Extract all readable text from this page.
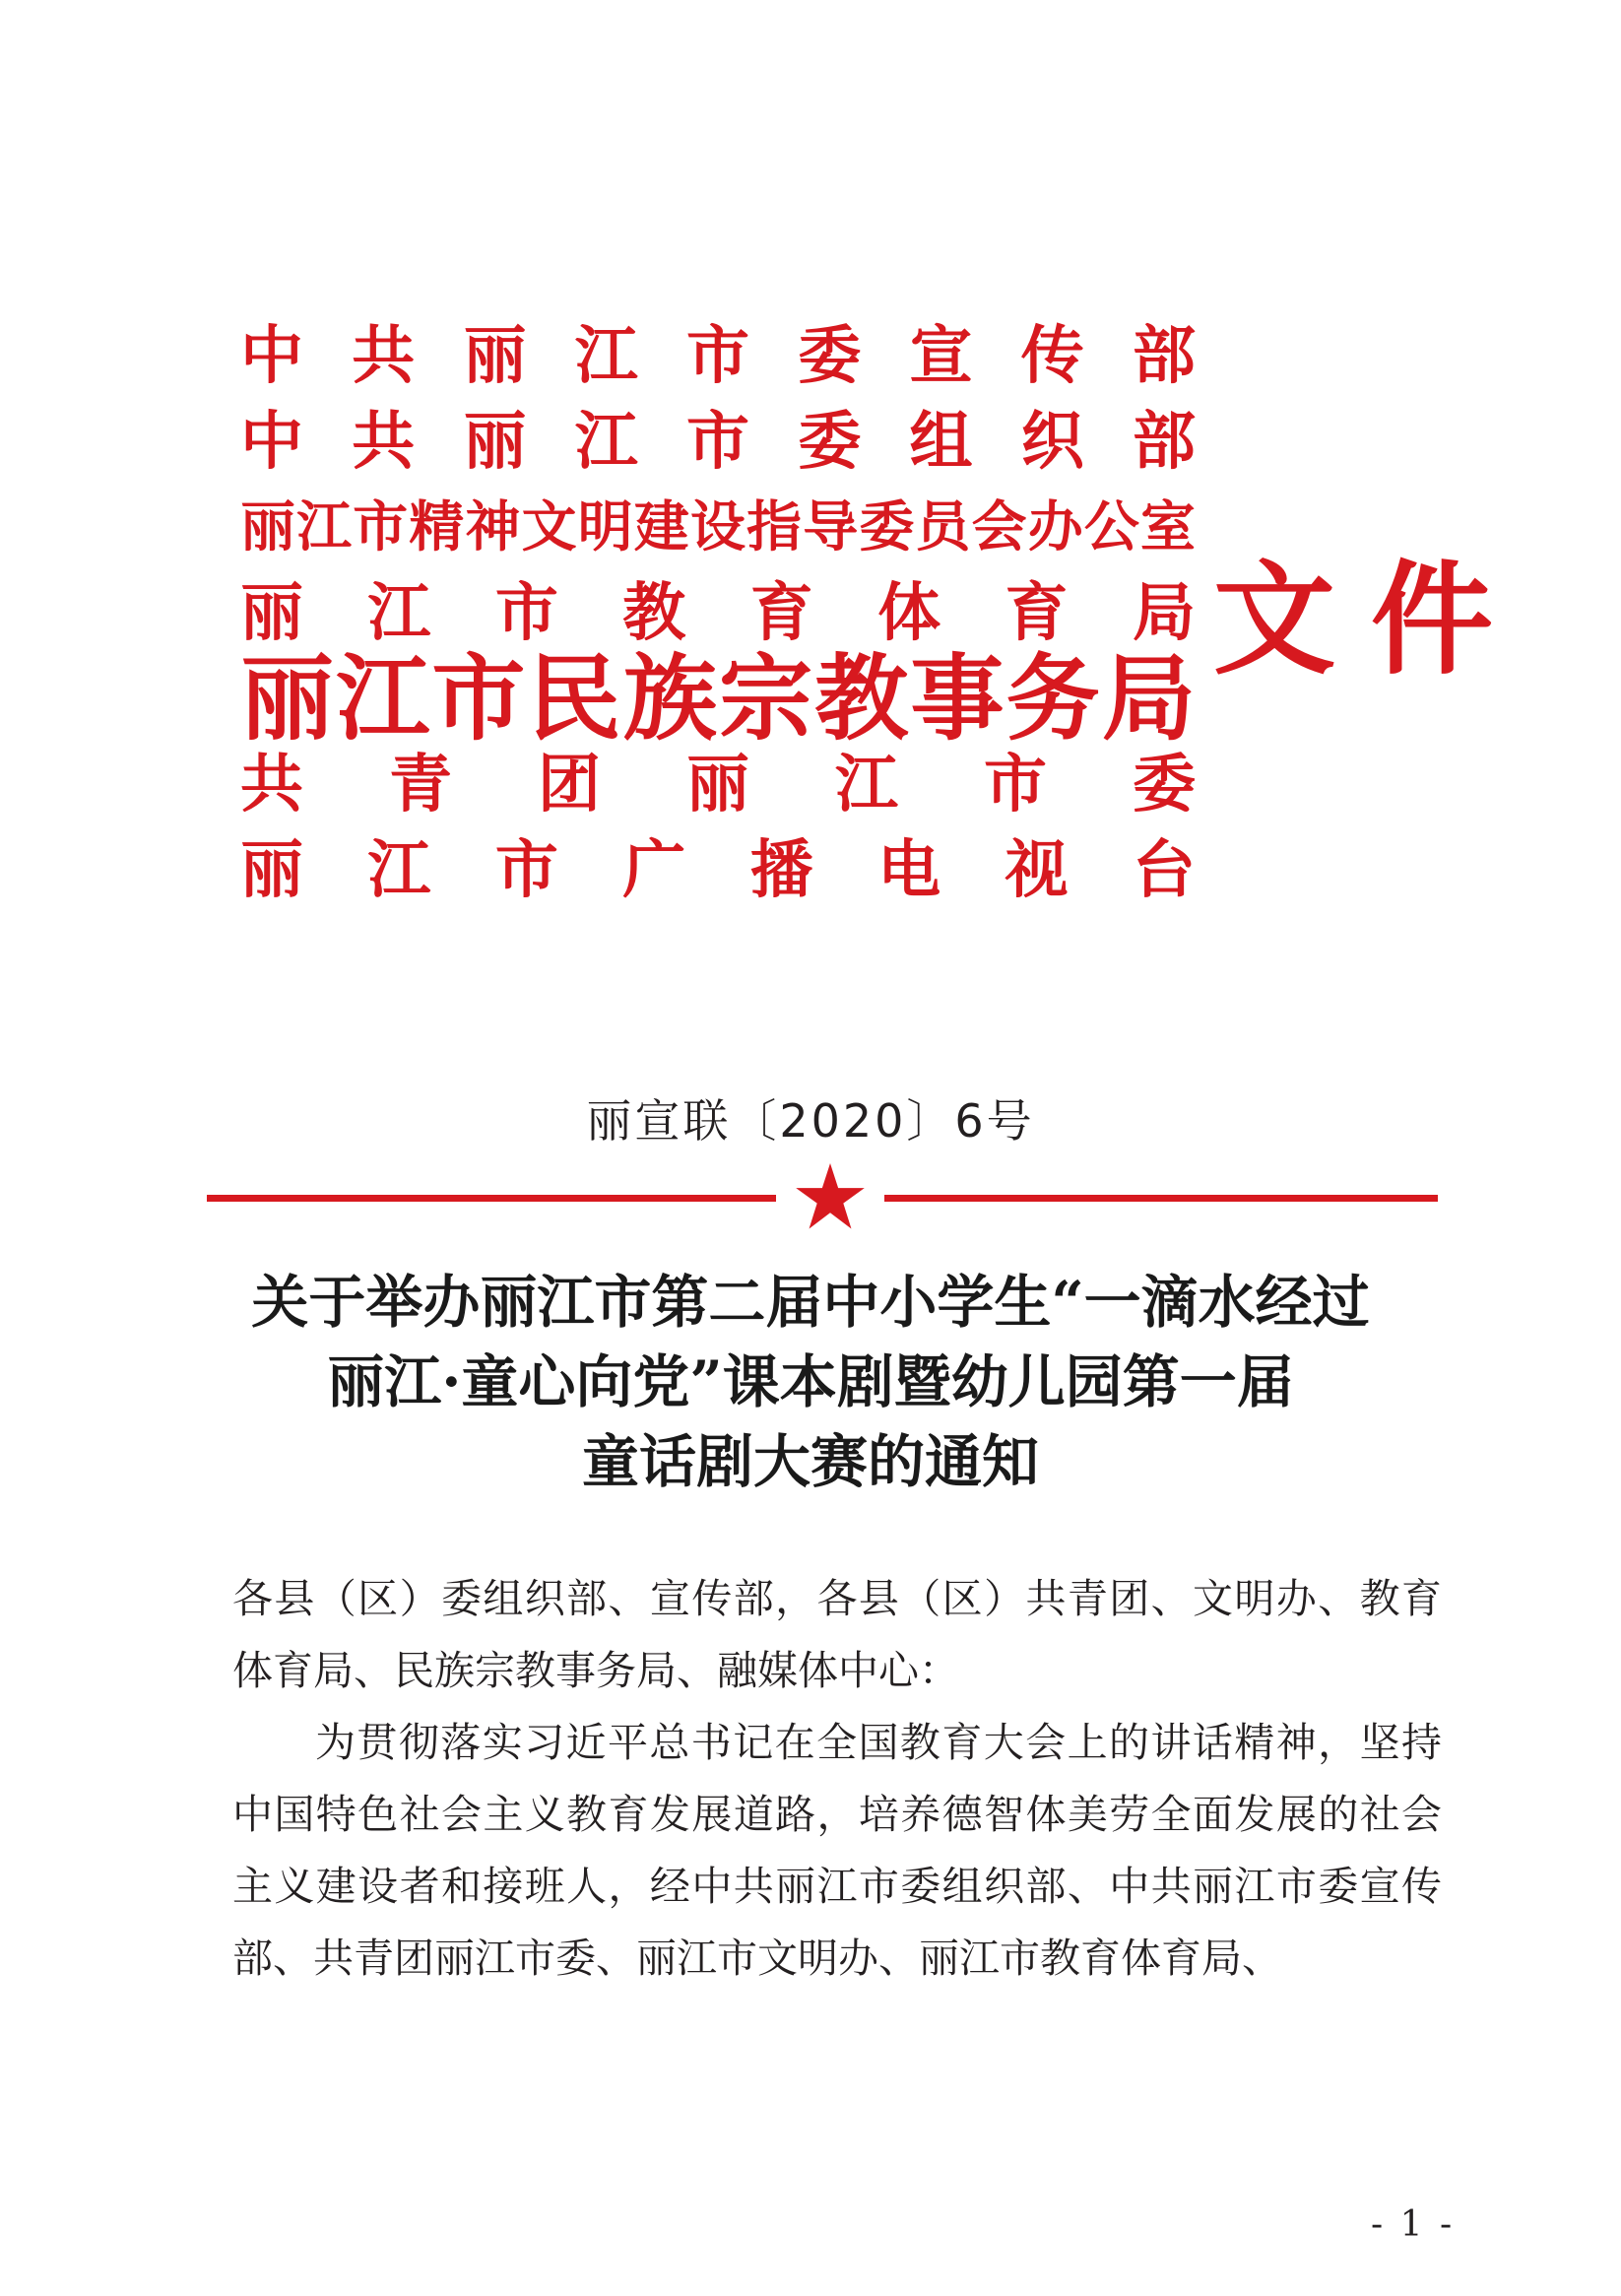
中 共 丽 江 市 委 宣 传 部
中 共 丽 江 市 委 组 织 部
丽 江 市 精 神 文 明 建 设 指 导 委 员 会 办 公 室
丽 江 市 教 育 体 育 局
丽 江 市 民 族 宗 教 事 务 局
共 青 团 丽 江 市 委
丽 江 市 广 播 电 视 台
文件
丽宣联〔2020〕6号
关于举办丽江市第二届中小学生“一滴水经过
丽江·童心向党”课本剧暨幼儿园第一届
童话剧大赛的通知
各县（区）委组织部、宣传部，各县（区）共青团、文明办、教育体育局、民族宗教事务局、融媒体中心：
为贯彻落实习近平总书记在全国教育大会上的讲话精神，坚持中国特色社会主义教育发展道路，培养德智体美劳全面发展的社会主义建设者和接班人，经中共丽江市委组织部、中共丽江市委宣传部、共青团丽江市委、丽江市文明办、丽江市教育体育局、
- 1 -
